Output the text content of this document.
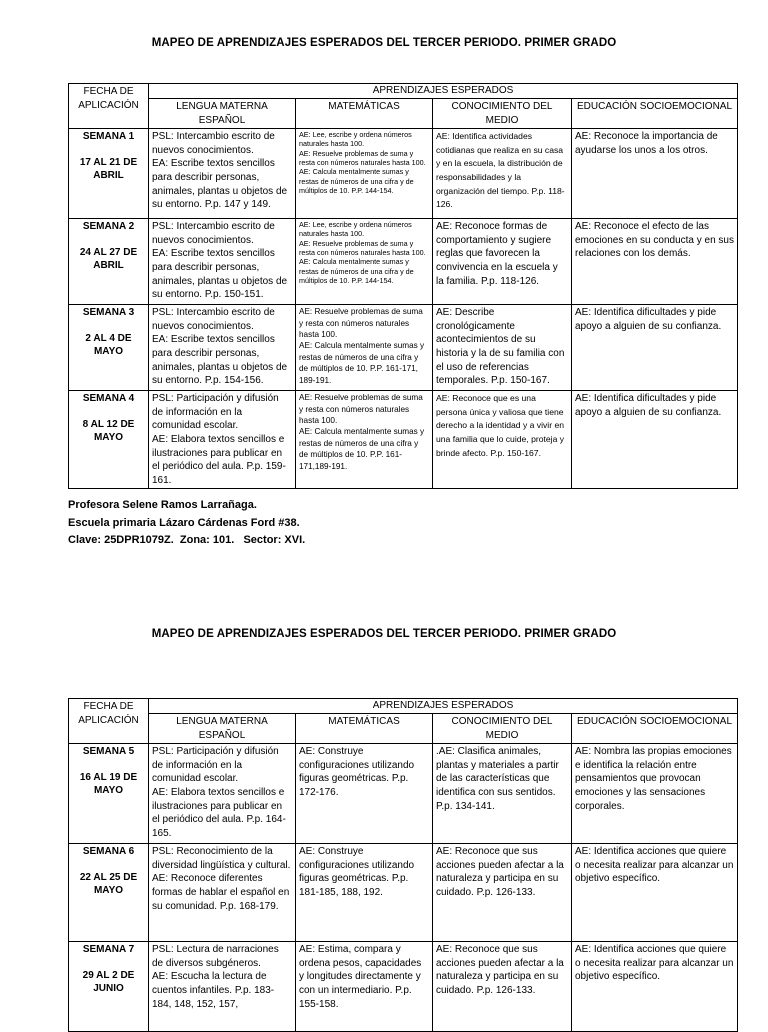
MAPEO DE APRENDIZAJES ESPERADOS DEL TERCER PERIODO. PRIMER GRADO
FECHA DE APLICACIÓN	APRENDIZAJES ESPERADOS			
	LENGUA MATERNA ESPAÑOL	MATEMÁTICAS	CONOCIMIENTO DEL MEDIO	EDUCACIÓN SOCIOEMOCIONAL

SEMANA 1
17 AL 21 DE ABRIL	PSL: Intercambio escrito de nuevos conocimientos.
EA: Escribe textos sencillos para describir personas, animales, plantas u objetos de su entorno. P.p. 147 y 149.	AE: Lee, escribe y ordena números naturales hasta 100.
AE: Resuelve problemas de suma y resta con números naturales hasta 100.
AE: Calcula mentalmente sumas y restas de números de una cifra y de múltiplos de 10. P.P. 144-154.	AE: Identifica actividades cotidianas que realiza en su casa y en la escuela, la distribución de responsabilidades y la organización del tiempo. P.p. 118-126.	AE: Reconoce la importancia de ayudarse los unos a los otros.

SEMANA 2
24 AL 27 DE ABRIL	PSL: Intercambio escrito de nuevos conocimientos.
EA: Escribe textos sencillos para describir personas, animales, plantas u objetos de su entorno. P.p. 150-151.	AE: Lee, escribe y ordena números naturales hasta 100.
AE: Resuelve problemas de suma y resta con números naturales hasta 100.
AE: Calcula mentalmente sumas y restas de números de una cifra y de múltiplos de 10. P.P. 144-154.	AE: Reconoce formas de comportamiento y sugiere reglas que favorecen la convivencia en la escuela y la familia. P.p. 118-126.	AE: Reconoce el efecto de las emociones en su conducta y en sus relaciones con los demás.

SEMANA 3
2 AL 4 DE MAYO	PSL: Intercambio escrito de nuevos conocimientos.
EA: Escribe textos sencillos para describir personas, animales, plantas u objetos de su entorno. P.p. 154-156.	AE: Resuelve problemas de suma y resta con números naturales hasta 100.
AE: Calcula mentalmente sumas y restas de números de una cifra y de múltiplos de 10. P.P. 161-171, 189-191.	AE: Describe cronológicamente acontecimientos de su historia y la de su familia con el uso de referencias temporales. P.p. 150-167.	AE: Identifica dificultades y pide apoyo a alguien de su confianza.

SEMANA 4
8 AL 12 DE MAYO	PSL: Participación y difusión de información en la comunidad escolar.
AE: Elabora textos sencillos e ilustraciones para publicar en el periódico del aula. P.p. 159-161.	AE: Resuelve problemas de suma y resta con números naturales hasta 100.
AE: Calcula mentalmente sumas y restas de números de una cifra y de múltiplos de 10. P.P. 161-171,189-191.	AE: Reconoce que es una persona única y valiosa que tiene derecho a la identidad y a vivir en una familia que lo cuide, proteja y brinde afecto. P.p. 150-167.	AE: Identifica dificultades y pide apoyo a alguien de su confianza.
Profesora Selene Ramos Larrañaga.
Escuela primaria Lázaro Cárdenas Ford #38.
Clave: 25DPR1079Z.  Zona: 101.   Sector: XVI.
MAPEO DE APRENDIZAJES ESPERADOS DEL TERCER PERIODO. PRIMER GRADO
FECHA DE APLICACIÓN	APRENDIZAJES ESPERADOS			
	LENGUA MATERNA ESPAÑOL	MATEMÁTICAS	CONOCIMIENTO DEL MEDIO	EDUCACIÓN SOCIOEMOCIONAL

SEMANA 5
16 AL 19 DE MAYO	PSL: Participación y difusión de información en la comunidad escolar.
AE: Elabora textos sencillos e ilustraciones para publicar en el periódico del aula. P.p. 164-165.	AE: Construye configuraciones utilizando figuras geométricas. P.p. 172-176.	.AE: Clasifica animales, plantas y materiales a partir de las características que identifica con sus sentidos. P.p. 134-141.	AE: Nombra las propias emociones e identifica la relación entre pensamientos que provocan emociones y las sensaciones corporales.

SEMANA 6
22 AL 25 DE MAYO	PSL: Reconocimiento de la diversidad lingüística y cultural.
AE: Reconoce diferentes formas de hablar el español en su comunidad. P.p. 168-179.	AE: Construye configuraciones utilizando figuras geométricas. P.p. 181-185, 188, 192.	AE: Reconoce que sus acciones pueden afectar a la naturaleza y participa en su cuidado. P.p. 126-133.	AE: Identifica acciones que quiere o necesita realizar para alcanzar un objetivo específico.

SEMANA 7
29 AL 2 DE JUNIO	PSL: Lectura de narraciones de diversos subgéneros.
AE: Escucha la lectura de cuentos infantiles. P.p. 183-184, 148, 152, 157,	AE: Estima, compara y ordena pesos, capacidades y longitudes directamente y con un intermediario. P.p. 155-158.	AE: Reconoce que sus acciones pueden afectar a la naturaleza y participa en su cuidado. P.p. 126-133.	AE: Identifica acciones que quiere o necesita realizar para alcanzar un objetivo específico.
